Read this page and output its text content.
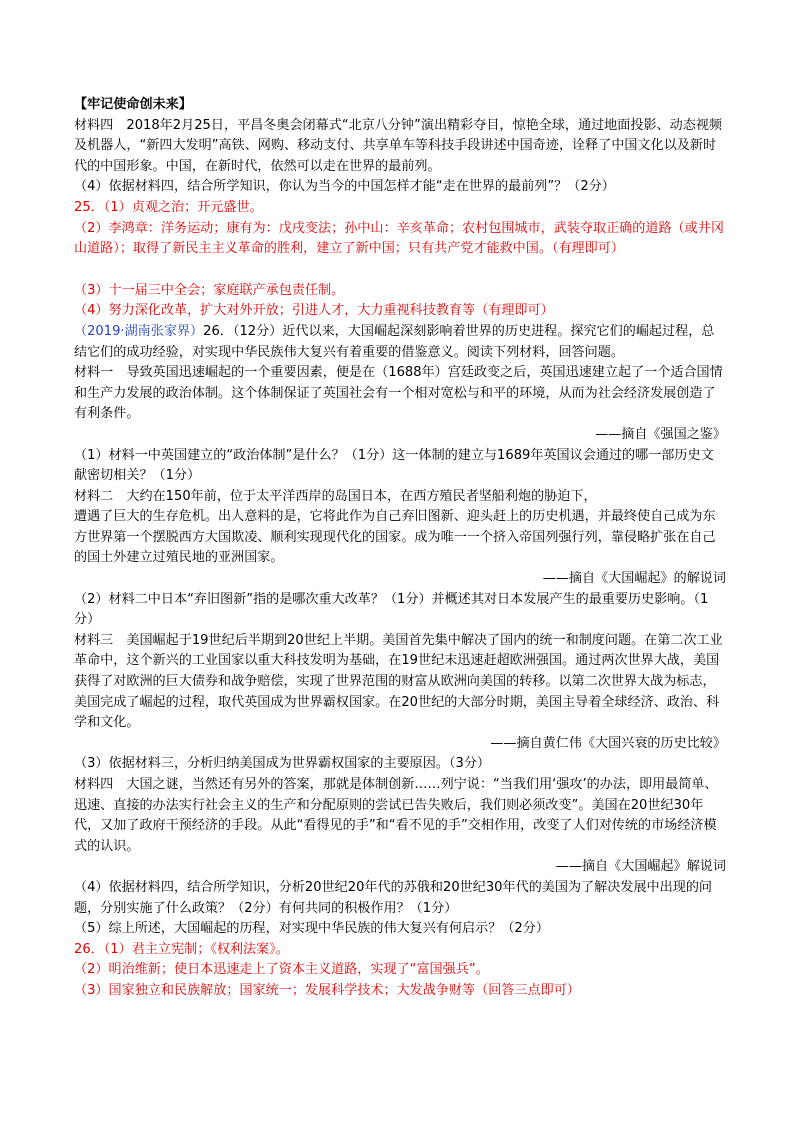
【牢记使命创未来】

材料四　2018年2月25日，平昌冬奥会闭幕式“北京八分钟”演出精彩夺目，惊艳全球，通过地面投影、动态视频及机器人，“新四大发明”高铁、网购、移动支付、共享单车等科技手段讲述中国奇迹，诠释了中国文化以及新时代的中国形象。中国，在新时代，依然可以走在世界的最前列。

（4）依据材料四，结合所学知识，你认为当今的中国怎样才能“走在世界的最前列”？（2分）

25．（1）贞观之治；开元盛世。

（2）李鸿章：洋务运动；康有为：戊戌变法；孙中山：辛亥革命；农村包围城市，武装夺取正确的道路（或井冈山道路）；取得了新民主主义革命的胜利，建立了新中国；只有共产党才能救中国。（有理即可）

（3）十一届三中全会；家庭联产承包责任制。

（4）努力深化改革，扩大对外开放；引进人才，大力重视科技教育等（有理即可）

（2019·湖南张家界）26．（12分）近代以来，大国崛起深刻影响着世界的历史进程。探究它们的崛起过程，总结它们的成功经验，对实现中华民族伟大复兴有着重要的借鉴意义。阅读下列材料，回答问题。

材料一　导致英国迅速崛起的一个重要因素，便是在（1688年）宫廷政变之后，英国迅速建立起了一个适合国情和生产力发展的政治体制。这个体制保证了英国社会有一个相对宽松与和平的环境，从而为社会经济发展创造了有利条件。

——摘自《强国之鉴》

（1）材料一中英国建立的“政治体制”是什么？（1分）这一体制的建立与1689年英国议会通过的哪一部历史文献密切相关？（1分）

材料二　大约在150年前，位于太平洋西岸的岛国日本，在西方殖民者坚船利炮的胁迫下，

遭遇了巨大的生存危机。出人意料的是，它将此作为自己弃旧图新、迎头赶上的历史机遇，并最终使自己成为东方世界第一个摆脱西方大国欺凌、顺利实现现代化的国家。成为唯一一个挤入帝国列强行列，靠侵略扩张在自己的国土外建立过殖民地的亚洲国家。

——摘自《大国崛起》的解说词

（2）材料二中日本“弃旧图新”指的是哪次重大改革？（1分）并概述其对日本发展产生的最重要历史影响。（1分）

材料三　美国崛起于19世纪后半期到20世纪上半期。美国首先集中解决了国内的统一和制度问题。在第二次工业革命中，这个新兴的工业国家以重大科技发明为基础，在19世纪末迅速赶超欧洲强国。通过两次世界大战，美国获得了对欧洲的巨大债券和战争赔偿，实现了世界范围的财富从欧洲向美国的转移。以第二次世界大战为标志，美国完成了崛起的过程，取代英国成为世界霸权国家。在20世纪的大部分时期，美国主导着全球经济、政治、科学和文化。

——摘自黄仁伟《大国兴衰的历史比较》

（3）依据材料三，分析归纳美国成为世界霸权国家的主要原因。（3分）

材料四　大国之谜，当然还有另外的答案，那就是体制创新……列宁说：“当我们用‘强攻’的办法，即用最简单、迅速、直接的办法实行社会主义的生产和分配原则的尝试已告失败后，我们则必须改变”。美国在20世纪30年代，又加了政府干预经济的手段。从此“看得见的手”和“看不见的手”交相作用，改变了人们对传统的市场经济模式的认识。

——摘自《大国崛起》解说词

（4）依据材料四，结合所学知识，分析20世纪20年代的苏俄和20世纪30年代的美国为了解决发展中出现的问题，分别实施了什么政策？（2分）有何共同的积极作用？（1分）

（5）综上所述，大国崛起的历程，对实现中华民族的伟大复兴有何启示？（2分）

26．（1）君主立宪制；《权利法案》。

（2）明治维新；使日本迅速走上了资本主义道路，实现了“富国强兵”。

（3）国家独立和民族解放；国家统一；发展科学技术；大发战争财等（回答三点即可）
